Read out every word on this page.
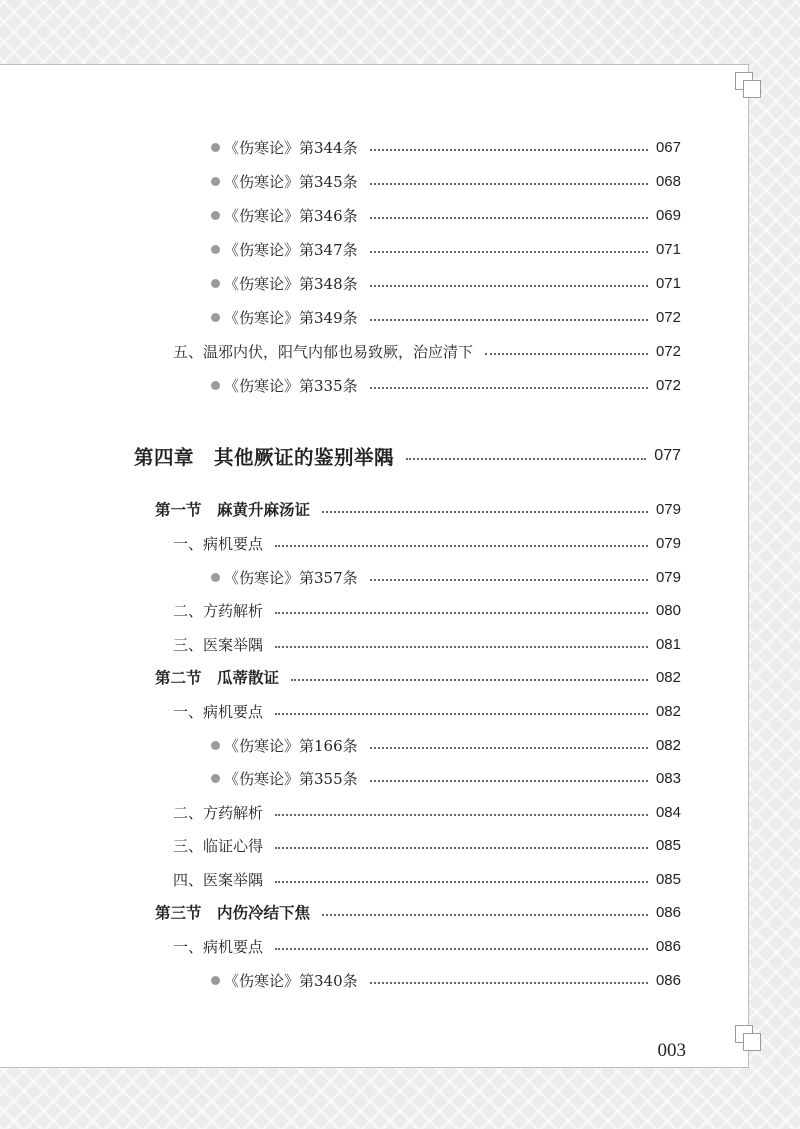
《伤寒论》第344条	067
《伤寒论》第345条	068
《伤寒论》第346条	069
《伤寒论》第347条	071
《伤寒论》第348条	071
《伤寒论》第349条	072
五、温邪内伏，阳气内郁也易致厥，治应清下	072
《伤寒论》第335条	072
第四章　其他厥证的鉴别举隅	077
第一节　麻黄升麻汤证	079
一、病机要点	079
《伤寒论》第357条	079
二、方药解析	080
三、医案举隅	081
第二节　瓜蒂散证	082
一、病机要点	082
《伤寒论》第166条	082
《伤寒论》第355条	083
二、方药解析	084
三、临证心得	085
四、医案举隅	085
第三节　内伤冷结下焦	086
一、病机要点	086
《伤寒论》第340条	086
003
